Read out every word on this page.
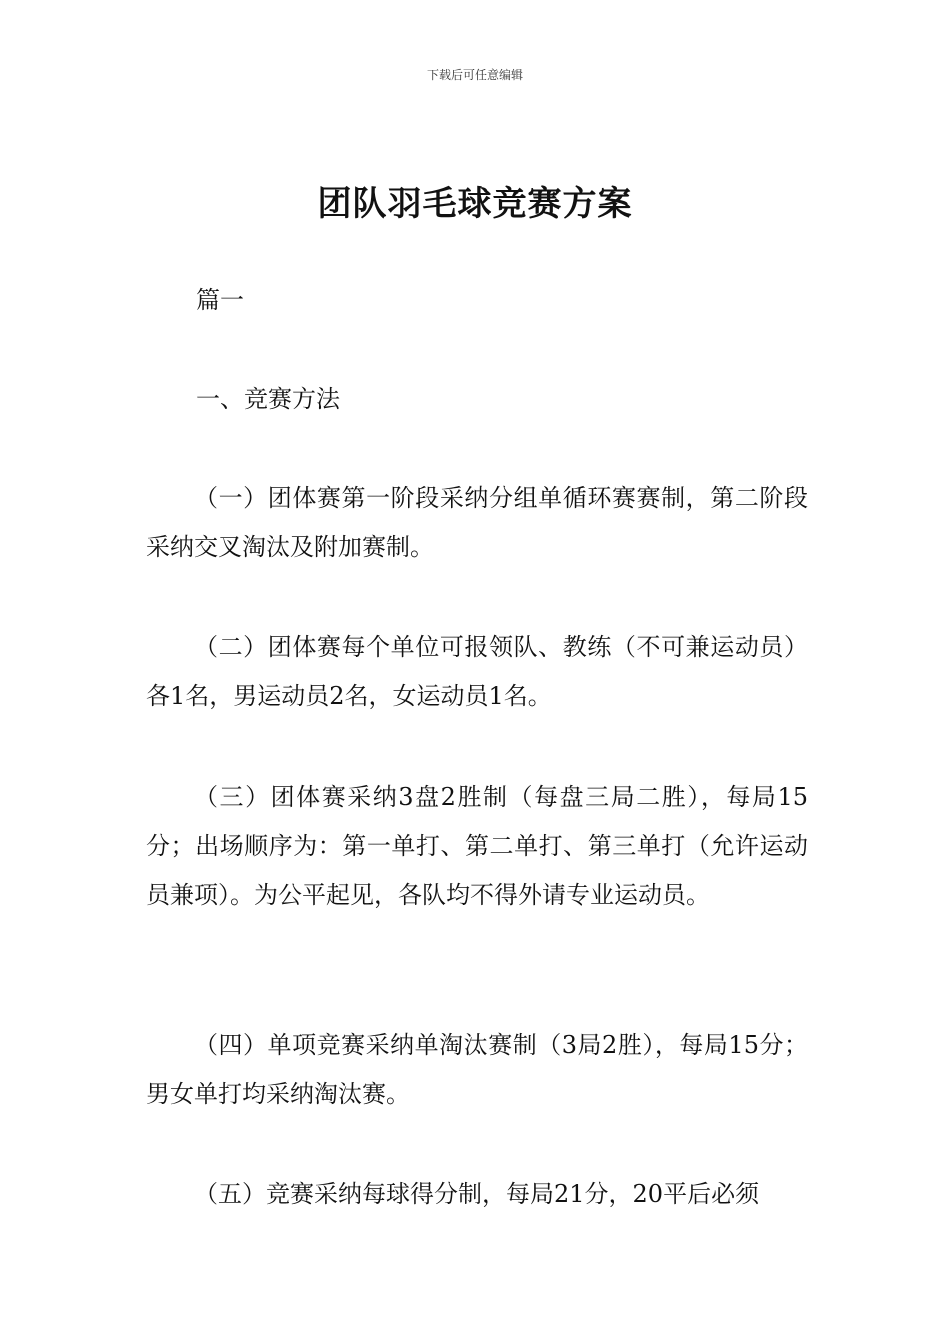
下载后可任意编辑
团队羽毛球竞赛方案

篇一

一、竞赛方法

（一）团体赛第一阶段采纳分组单循环赛赛制，第二阶段采纳交叉淘汰及附加赛制。

（二）团体赛每个单位可报领队、教练（不可兼运动员）各1名，男运动员2名，女运动员1名。

（三）团体赛采纳3盘2胜制（每盘三局二胜），每局15分；出场顺序为：第一单打、第二单打、第三单打（允许运动员兼项）。为公平起见，各队均不得外请专业运动员。

（四）单项竞赛采纳单淘汰赛制（3局2胜），每局15分；男女单打均采纳淘汰赛。

（五）竞赛采纳每球得分制，每局21分，20平后必须
